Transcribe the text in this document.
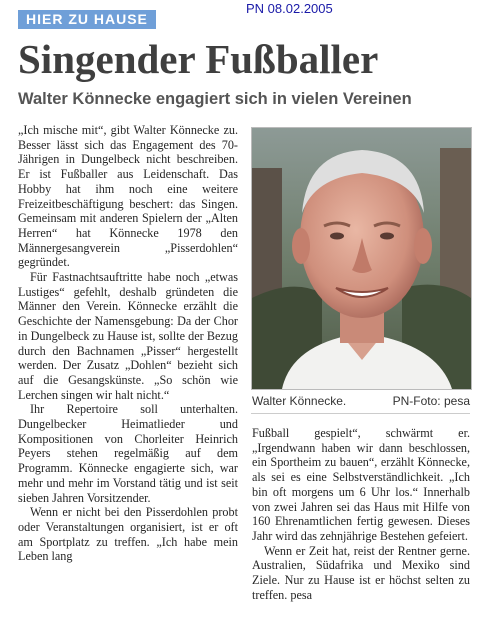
HIER ZU HAUSE
PN 08.02.2005
Singender Fußballer
Walter Könnecke engagiert sich in vielen Vereinen

„Ich mische mit“, gibt Walter Könnecke zu. Besser lässt sich das Engagement des 70-Jährigen in Dungelbeck nicht beschreiben. Er ist Fußballer aus Leidenschaft. Das Hobby hat ihm noch eine weitere Freizeitbeschäftigung beschert: das Singen. Gemeinsam mit anderen Spielern der „Alten Herren“ hat Könnecke 1978 den Männergesangverein „Pisserdohlen“ gegründet.

Für Fastnachtsauftritte habe noch „etwas Lustiges“ gefehlt, deshalb gründeten die Männer den Verein. Könnecke erzählt die Geschichte der Namensgebung: Da der Chor in Dungelbeck zu Hause ist, sollte der Bezug durch den Bachnamen „Pisser“ hergestellt werden. Der Zusatz „Dohlen“ bezieht sich auf die Gesangskünste. „So schön wie Lerchen singen wir halt nicht.“

Ihr Repertoire soll unterhalten. Dungelbecker Heimatlieder und Kompositionen von Chorleiter Heinrich Peyers stehen regelmäßig auf dem Programm. Könnecke engagierte sich, war mehr und mehr im Vorstand tätig und ist seit sieben Jahren Vorsitzender.

Wenn er nicht bei den Pisserdohlen probt oder Veranstaltungen organisiert, ist er oft am Sportplatz zu treffen. „Ich habe mein Leben lang

Walter Könnecke.	PN-Foto: pesa

Fußball gespielt“, schwärmt er. „Irgendwann haben wir dann beschlossen, ein Sportheim zu bauen“, erzählt Könnecke, als sei es eine Selbstverständlichkeit. „Ich bin oft morgens um 6 Uhr los.“ Innerhalb von zwei Jahren sei das Haus mit Hilfe von 160 Ehrenamtlichen fertig gewesen. Dieses Jahr wird das zehnjährige Bestehen gefeiert.

Wenn er Zeit hat, reist der Rentner gerne. Australien, Südafrika und Mexiko sind Ziele. Nur zu Hause ist er höchst selten zu treffen. pesa
